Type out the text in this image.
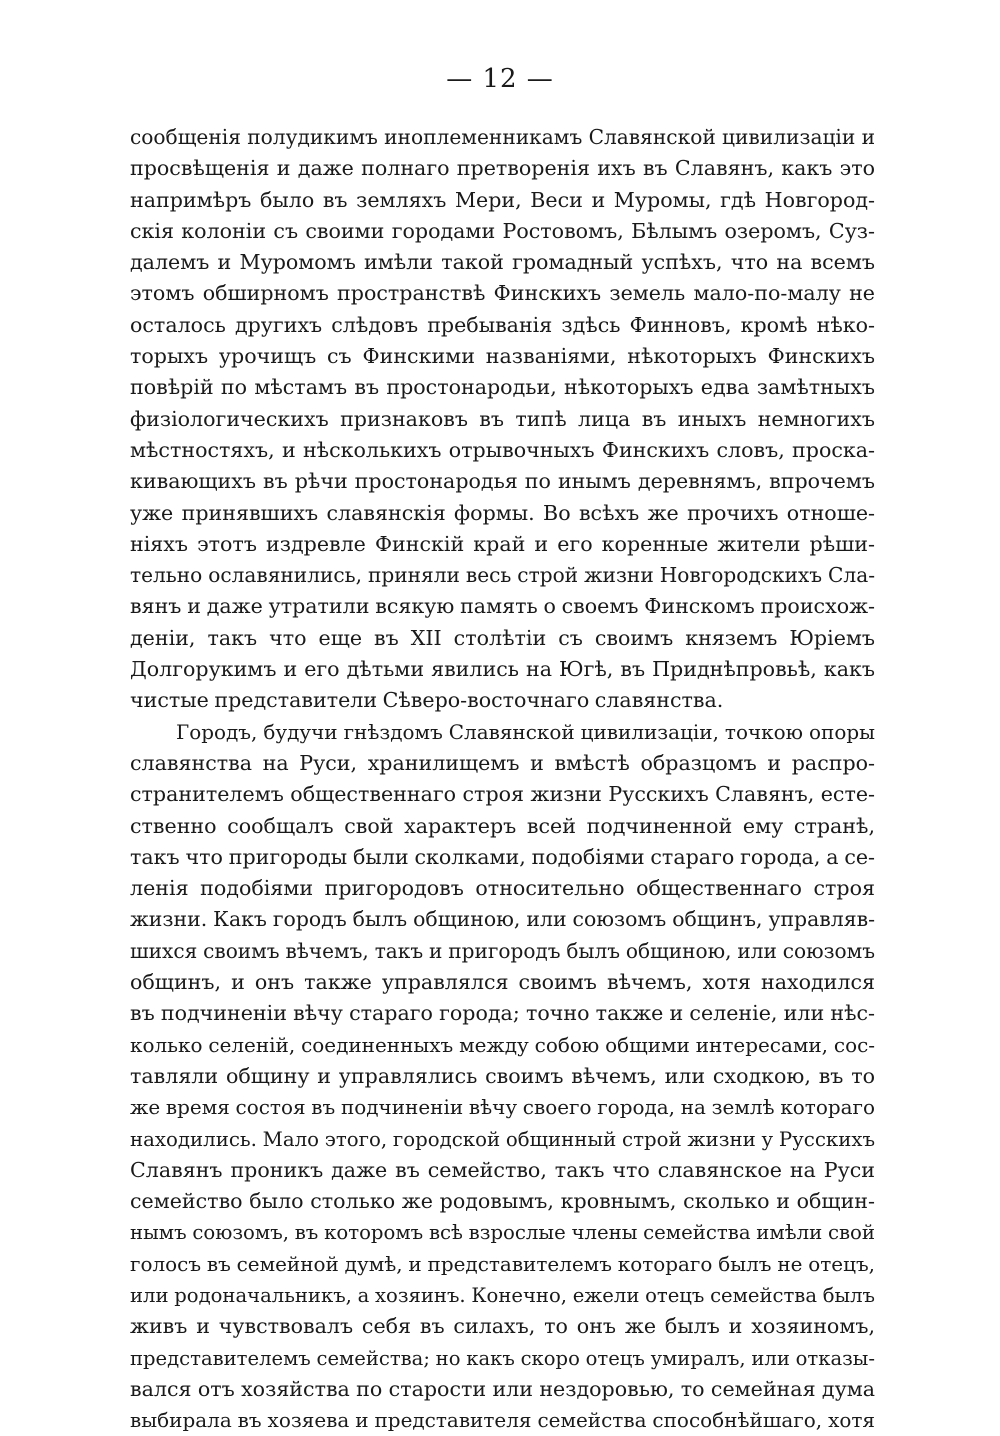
— 12 —
сообщенія полудикимъ иноплеменникамъ Славянской цивилизаціи и
просвѣщенія и даже полнаго претворенія ихъ въ Славянъ, какъ это
напримѣръ было въ земляхъ Мери, Веси и Муромы, гдѣ Новгород-
скія колоніи съ своими городами Ростовомъ, Бѣлымъ озеромъ, Суз-
далемъ и Муромомъ имѣли такой громадный успѣхъ, что на всемъ
этомъ обширномъ пространствѣ Финскихъ земель мало-по-малу не
осталось другихъ слѣдовъ пребыванія здѣсь Финновъ, кромѣ нѣко-
торыхъ урочищъ съ Финскими названіями, нѣкоторыхъ Финскихъ
повѣрій по мѣстамъ въ простонародьи, нѣкоторыхъ едва замѣтныхъ
физіологическихъ признаковъ въ типѣ лица въ иныхъ немногихъ
мѣстностяхъ, и нѣсколькихъ отрывочныхъ Финскихъ словъ, проска-
кивающихъ въ рѣчи простонародья по инымъ деревнямъ, впрочемъ
уже принявшихъ славянскія формы. Во всѣхъ же прочихъ отноше-
ніяхъ этотъ издревле Финскій край и его коренные жители рѣши-
тельно ославянились, приняли весь строй жизни Новгородскихъ Сла-
вянъ и даже утратили всякую память о своемъ Финскомъ происхож-
деніи, такъ что еще въ XII столѣтіи съ своимъ княземъ Юріемъ
Долгорукимъ и его дѣтьми явились на Югѣ, въ Приднѣпровьѣ, какъ
чистые представители Сѣверо-восточнаго славянства.
Городъ, будучи гнѣздомъ Славянской цивилизаціи, точкою опоры
славянства на Руси, хранилищемъ и вмѣстѣ образцомъ и распро-
странителемъ общественнаго строя жизни Русскихъ Славянъ, есте-
ственно сообщалъ свой характеръ всей подчиненной ему странѣ,
такъ что пригороды были сколками, подобіями стараго города, а се-
ленія подобіями пригородовъ относительно общественнаго строя
жизни. Какъ городъ былъ общиною, или союзомъ общинъ, управляв-
шихся своимъ вѣчемъ, такъ и пригородъ былъ общиною, или союзомъ
общинъ, и онъ также управлялся своимъ вѣчемъ, хотя находился
въ подчиненіи вѣчу стараго города; точно также и селеніе, или нѣс-
колько селеній, соединенныхъ между собою общими интересами, сос-
тавляли общину и управлялись своимъ вѣчемъ, или сходкою, въ то
же время состоя въ подчиненіи вѣчу своего города, на землѣ котораго
находились. Мало этого, городской общинный строй жизни у Русскихъ
Славянъ проникъ даже въ семейство, такъ что славянское на Руси
семейство было столько же родовымъ, кровнымъ, сколько и общин-
нымъ союзомъ, въ которомъ всѣ взрослые члены семейства имѣли свой
голосъ въ семейной думѣ, и представителемъ котораго былъ не отецъ,
или родоначальникъ, а хозяинъ. Конечно, ежели отецъ семейства былъ
живъ и чувствовалъ себя въ силахъ, то онъ же былъ и хозяиномъ,
представителемъ семейства; но какъ скоро отецъ умиралъ, или отказы-
вался отъ хозяйства по старости или нездоровью, то семейная дума
выбирала въ хозяева и представителя семейства способнѣйшаго, хотя
